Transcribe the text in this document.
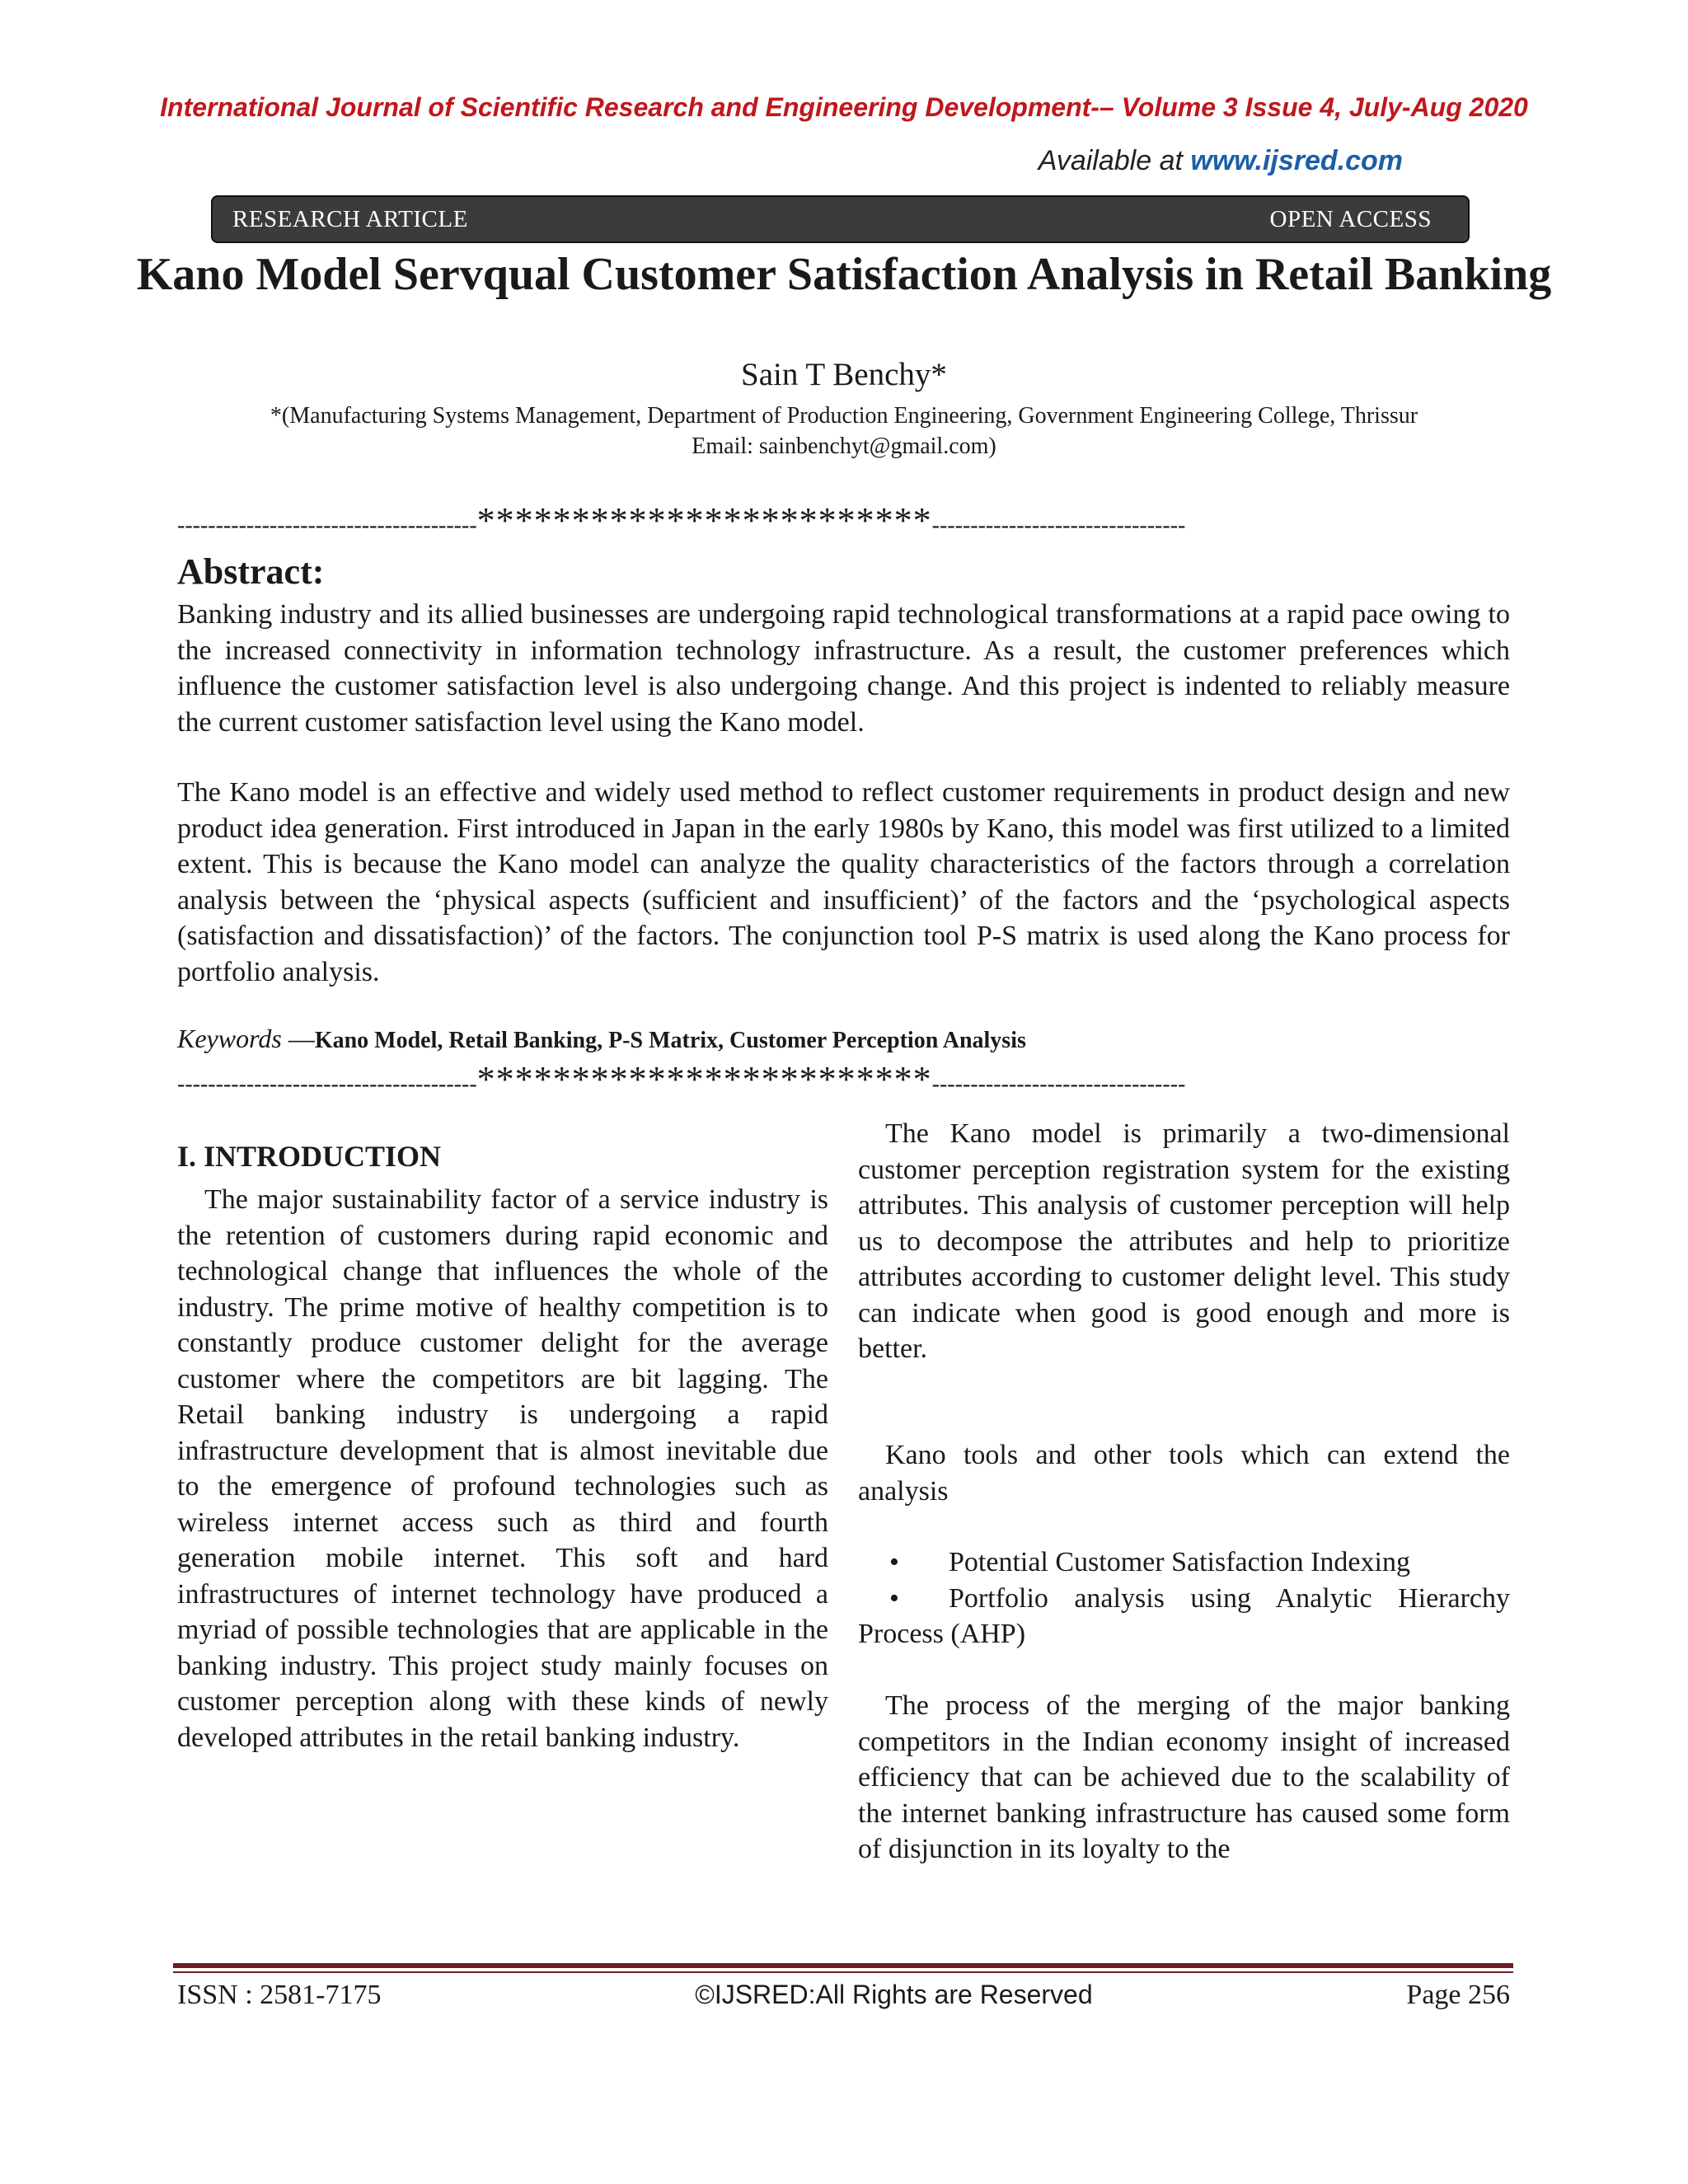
International Journal of Scientific Research and Engineering Development-– Volume 3 Issue 4, July-Aug 2020
Available at www.ijsred.com
RESEARCH ARTICLE	OPEN ACCESS
Kano Model Servqual Customer Satisfaction Analysis in Retail Banking
Sain T Benchy*
*(Manufacturing Systems Management, Department of Production Engineering, Government Engineering College, Thrissur
Email: sainbenchyt@gmail.com)
---------------------------------------************************---------------------------------
Abstract:

Banking industry and its allied businesses are undergoing rapid technological transformations at a rapid pace owing to the increased connectivity in information technology infrastructure. As a result, the customer preferences which influence the customer satisfaction level is also undergoing change. And this project is indented to reliably measure the current customer satisfaction level using the Kano model.

The Kano model is an effective and widely used method to reflect customer requirements in product design and new product idea generation. First introduced in Japan in the early 1980s by Kano, this model was first utilized to a limited extent. This is because the Kano model can analyze the quality characteristics of the factors through a correlation analysis between the ‘physical aspects (sufficient and insufficient)’ of the factors and the ‘psychological aspects (satisfaction and dissatisfaction)’ of the factors. The conjunction tool P-S matrix is used along the Kano process for portfolio analysis.

Keywords —Kano Model, Retail Banking, P-S Matrix, Customer Perception Analysis
---------------------------------------************************---------------------------------
I. INTRODUCTION

The major sustainability factor of a service industry is the retention of customers during rapid economic and technological change that influences the whole of the industry. The prime motive of healthy competition is to constantly produce customer delight for the average customer where the competitors are bit lagging. The Retail banking industry is undergoing a rapid infrastructure development that is almost inevitable due to the emergence of profound technologies such as wireless internet access such as third and fourth generation mobile internet. This soft and hard infrastructures of internet technology have produced a myriad of possible technologies that are applicable in the banking industry. This project study mainly focuses on customer perception along with these kinds of newly developed attributes in the retail banking industry.

The Kano model is primarily a two-dimensional customer perception registration system for the existing attributes. This analysis of customer perception will help us to decompose the attributes and help to prioritize attributes according to customer delight level. This study can indicate when good is good enough and more is better.

Kano tools and other tools which can extend the analysis

• Potential Customer Satisfaction Indexing
• Portfolio analysis using Analytic Hierarchy Process (AHP)

The process of the merging of the major banking competitors in the Indian economy insight of increased efficiency that can be achieved due to the scalability of the internet banking infrastructure has caused some form of disjunction in its loyalty to the

ISSN : 2581-7175	©IJSRED:All Rights are Reserved	Page 256
